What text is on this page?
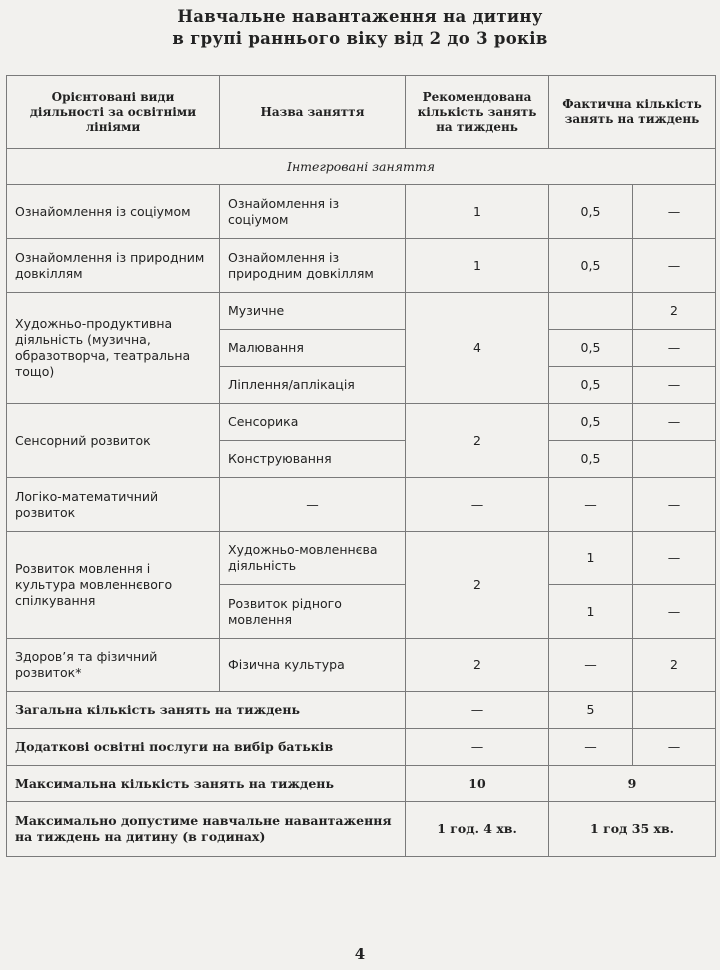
Навчальне навантаження на дитину
в групі раннього віку від 2 до 3 років
Орієнтовані види діяльності за освітніми лініями	Назва заняття	Рекомендована кількість занять на тиждень	Фактична кількість занять на тиждень	
Інтегровані заняття				
Ознайомлення із соціумом	Ознайомлення із соціумом	1	0,5	—
Ознайомлення із природним довкіллям	Ознайомлення із природним довкіллям	1	0,5	—
Художньо-продуктивна діяльність (музична, образотворча, театральна тощо)	Музичне	4		2
	Малювання		0,5	—
	Ліплення/аплікація		0,5	—
Сенсорний розвиток	Сенсорика	2	0,5	—
	Конструювання		0,5	
Логіко-математичний розвиток	—	—	—	—
Розвиток мовлення і культура мовленнєвого спілкування	Художньо-мовленнєва діяльність	2	1	—
	Розвиток рідного мовлення		1	—
Здоров’я та фізичний розвиток*	Фізична культура	2	—	2
Загальна кількість занять на тиждень		—	5	
Додаткові освітні послуги на вибір батьків		—	—	—
Максимальна кількість занять на тиждень		10	9	
Максимально допустиме навчальне навантаження на тиждень на дитину (в годинах)		1 год. 4 хв.	1 год 35 хв.	
4
